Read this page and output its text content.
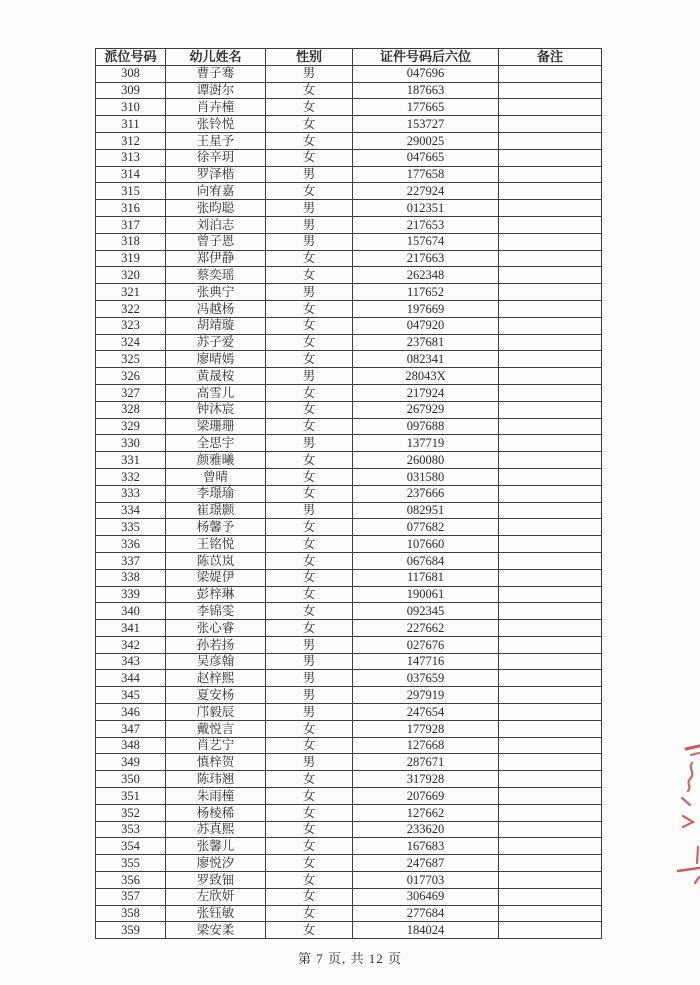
派位号码	幼儿姓名	性别	证件号码后六位	备注
308	曹子骞	男	047696	
309	谭澍尔	女	187663	
310	肖卉橦	女	177665	
311	张铃悦	女	153727	
312	王星予	女	290025	
313	徐辛玥	女	047665	
314	罗泽楷	男	177658	
315	向宥嘉	女	227924	
316	张昀聪	男	012351	
317	刘泊志	男	217653	
318	曾子恩	男	157674	
319	郑伊静	女	217663	
320	蔡奕瑶	女	262348	
321	张典宁	男	117652	
322	冯越杨	女	197669	
323	胡靖璇	女	047920	
324	苏子爱	女	237681	
325	廖晴嫣	女	082341	
326	黄晟桉	男	28043X	
327	高雪儿	女	217924	
328	钟沐宸	女	267929	
329	梁珊珊	女	097688	
330	全思宇	男	137719	
331	颜雅曦	女	260080	
332	曾晴	女	031580	
333	李璟瑜	女	237666	
334	崔璟颢	男	082951	
335	杨馨予	女	077682	
336	王铭悦	女	107660	
337	陈苡岚	女	067684	
338	梁媞伊	女	117681	
339	彭梓琳	女	190061	
340	李锦雯	女	092345	
341	张心睿	女	227662	
342	孙若扬	男	027676	
343	吴彦翰	男	147716	
344	赵梓熙	男	037659	
345	夏安杨	男	297919	
346	邝毅辰	男	247654	
347	戴悦言	女	177928	
348	肖艺宁	女	127668	
349	慎梓贺	男	287671	
350	陈玮翘	女	317928	
351	朱雨橦	女	207669	
352	杨棱稀	女	127662	
353	苏真熙	女	233620	
354	张馨儿	女	167683	
355	廖悦汐	女	247687	
356	罗致钿	女	017703	
357	左欣妍	女	306469	
358	张钰敏	女	277684	
359	梁安柔	女	184024	
第 7 页, 共 12 页
